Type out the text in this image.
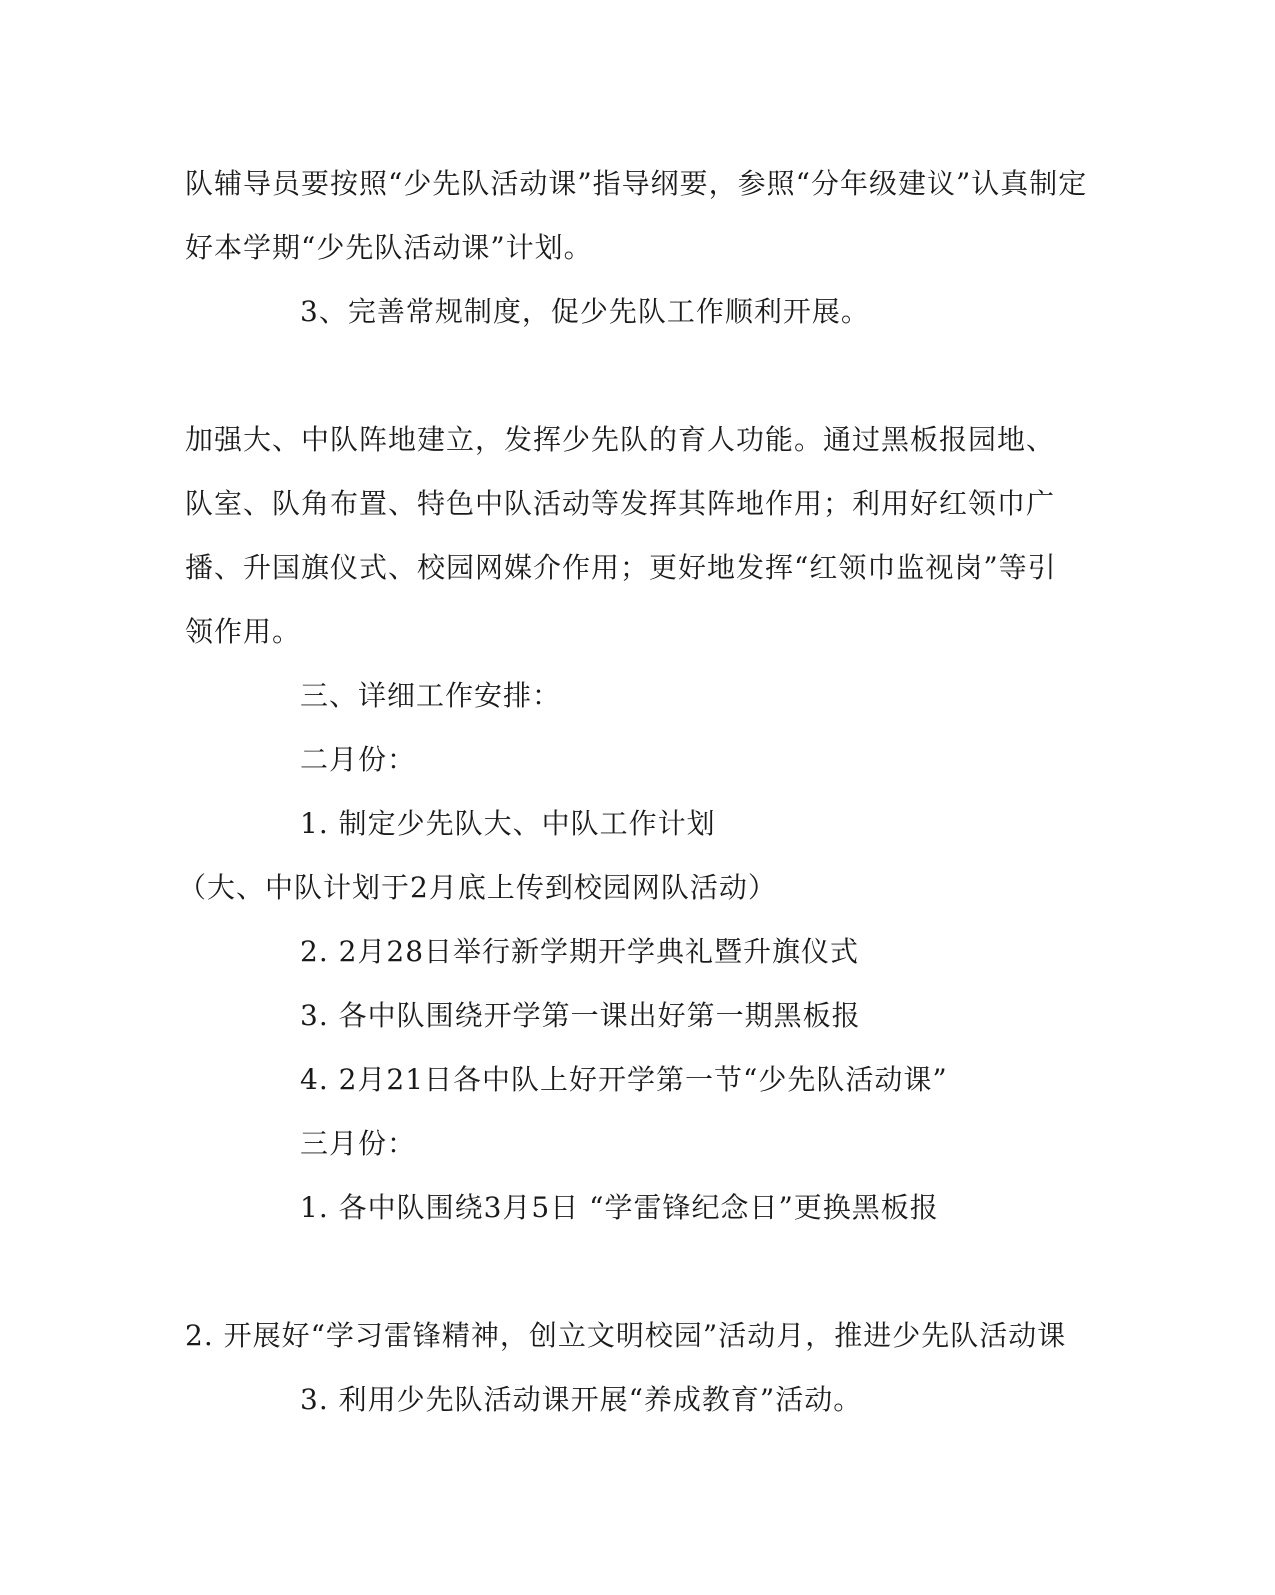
队辅导员要按照“少先队活动课”指导纲要，参照“分年级建议”认真制定

好本学期“少先队活动课”计划。

3、完善常规制度，促少先队工作顺利开展。

加强大、中队阵地建立，发挥少先队的育人功能。通过黑板报园地、

队室、队角布置、特色中队活动等发挥其阵地作用；利用好红领巾广

播、升国旗仪式、校园网媒介作用；更好地发挥“红领巾监视岗”等引

领作用。

三、详细工作安排：

二月份：

1. 制定少先队大、中队工作计划

（大、中队计划于2月底上传到校园网队活动）

2. 2月28日举行新学期开学典礼暨升旗仪式

3. 各中队围绕开学第一课出好第一期黑板报

4. 2月21日各中队上好开学第一节“少先队活动课”

三月份：

1. 各中队围绕3月5日 “学雷锋纪念日”更换黑板报

2. 开展好“学习雷锋精神，创立文明校园”活动月，推进少先队活动课

3. 利用少先队活动课开展“养成教育”活动。
